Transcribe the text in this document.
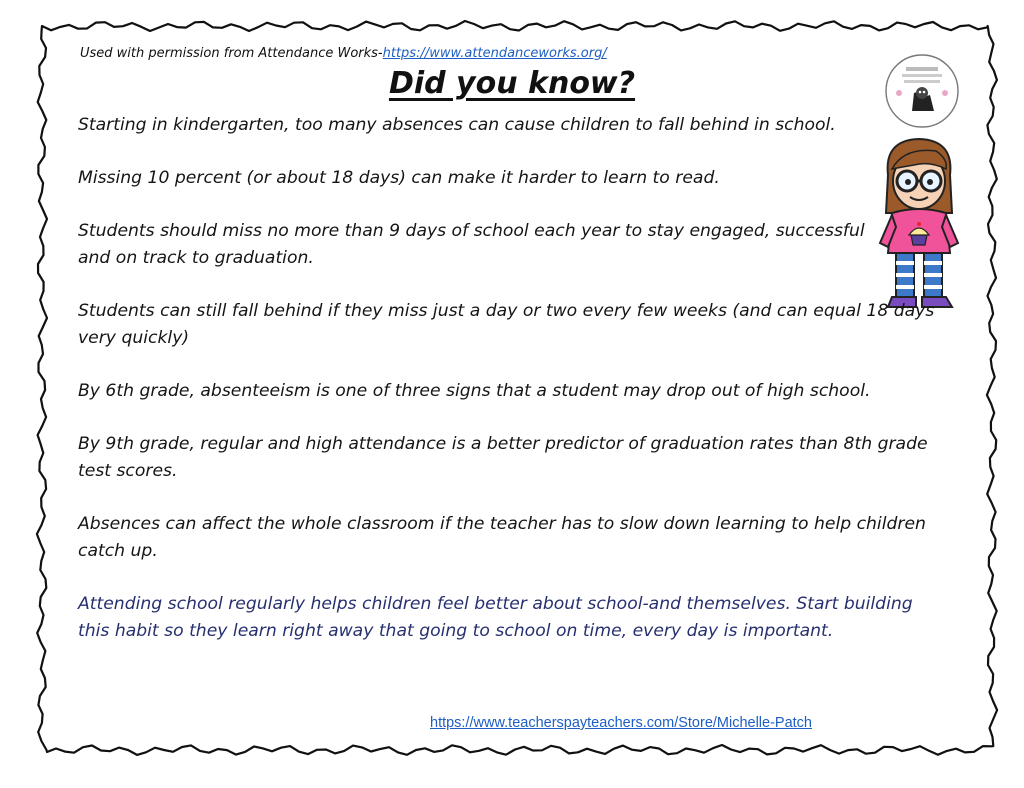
Used with permission from Attendance Works-https://www.attendanceworks.org/
Did you know?

Starting in kindergarten, too many absences can cause children to fall behind in school.

Missing 10 percent (or about 18 days) can make it harder to learn to read.

Students should miss no more than 9 days of school each year to stay engaged, successful and on track to graduation.

Students can still fall behind if they miss just a day or two every few weeks (and can equal 18 days very quickly)

By 6th grade, absenteeism is one of three signs that a student may drop out of high school.

By 9th grade, regular and high attendance is a better predictor of graduation rates than 8th grade test scores.

Absences can affect the whole classroom if the teacher has to slow down learning to help children catch up.

Attending school regularly helps children feel better about school-and themselves. Start building this habit so they learn right away that going to school on time, every day is important.

https://www.teacherspayteachers.com/Store/Michelle-Patch
